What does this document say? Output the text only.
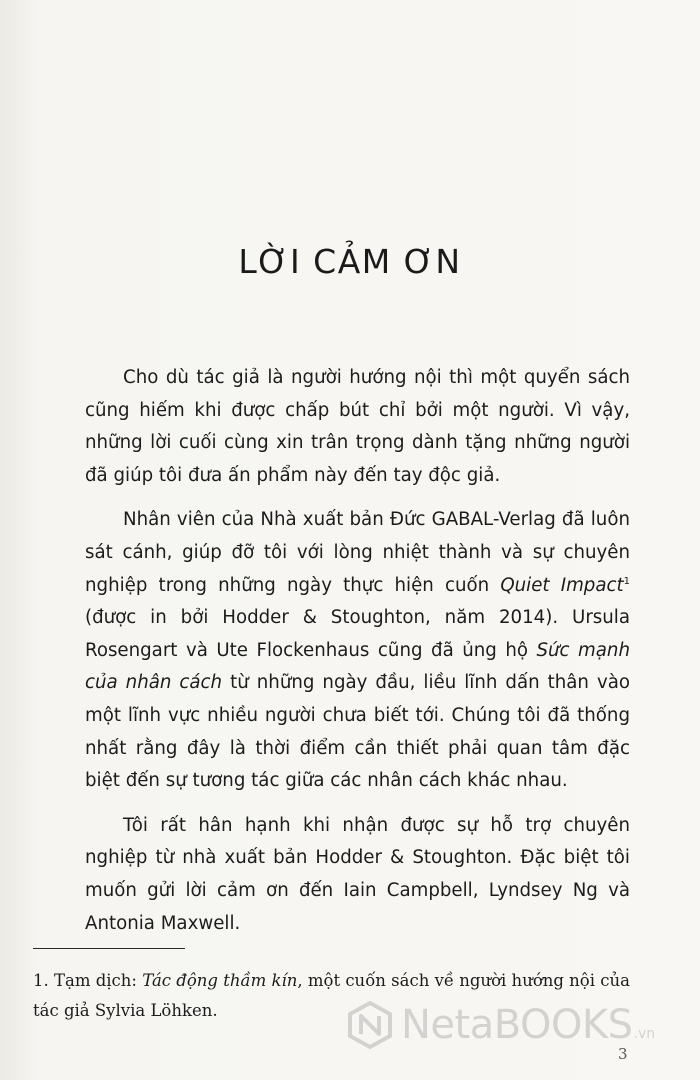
LỜI CẢM ƠN

Cho dù tác giả là người hướng nội thì một quyển sách cũng hiếm khi được chấp bút chỉ bởi một người. Vì vậy, những lời cuối cùng xin trân trọng dành tặng những người đã giúp tôi đưa ấn phẩm này đến tay độc giả.

Nhân viên của Nhà xuất bản Đức GABAL-Verlag đã luôn sát cánh, giúp đỡ tôi với lòng nhiệt thành và sự chuyên nghiệp trong những ngày thực hiện cuốn Quiet Impact$^1$ (được in bởi Hodder & Stoughton, năm 2014). Ursula Rosengart và Ute Flockenhaus cũng đã ủng hộ Sức mạnh của nhân cách từ những ngày đầu, liều lĩnh dấn thân vào một lĩnh vực nhiều người chưa biết tới. Chúng tôi đã thống nhất rằng đây là thời điểm cần thiết phải quan tâm đặc biệt đến sự tương tác giữa các nhân cách khác nhau.

Tôi rất hân hạnh khi nhận được sự hỗ trợ chuyên nghiệp từ nhà xuất bản Hodder & Stoughton. Đặc biệt tôi muốn gửi lời cảm ơn đến Iain Campbell, Lyndsey Ng và Antonia Maxwell.

1. Tạm dịch: Tác động thầm kín, một cuốn sách về người hướng nội của tác giả Sylvia Löhken.	NetaBOOKS .vn
3
